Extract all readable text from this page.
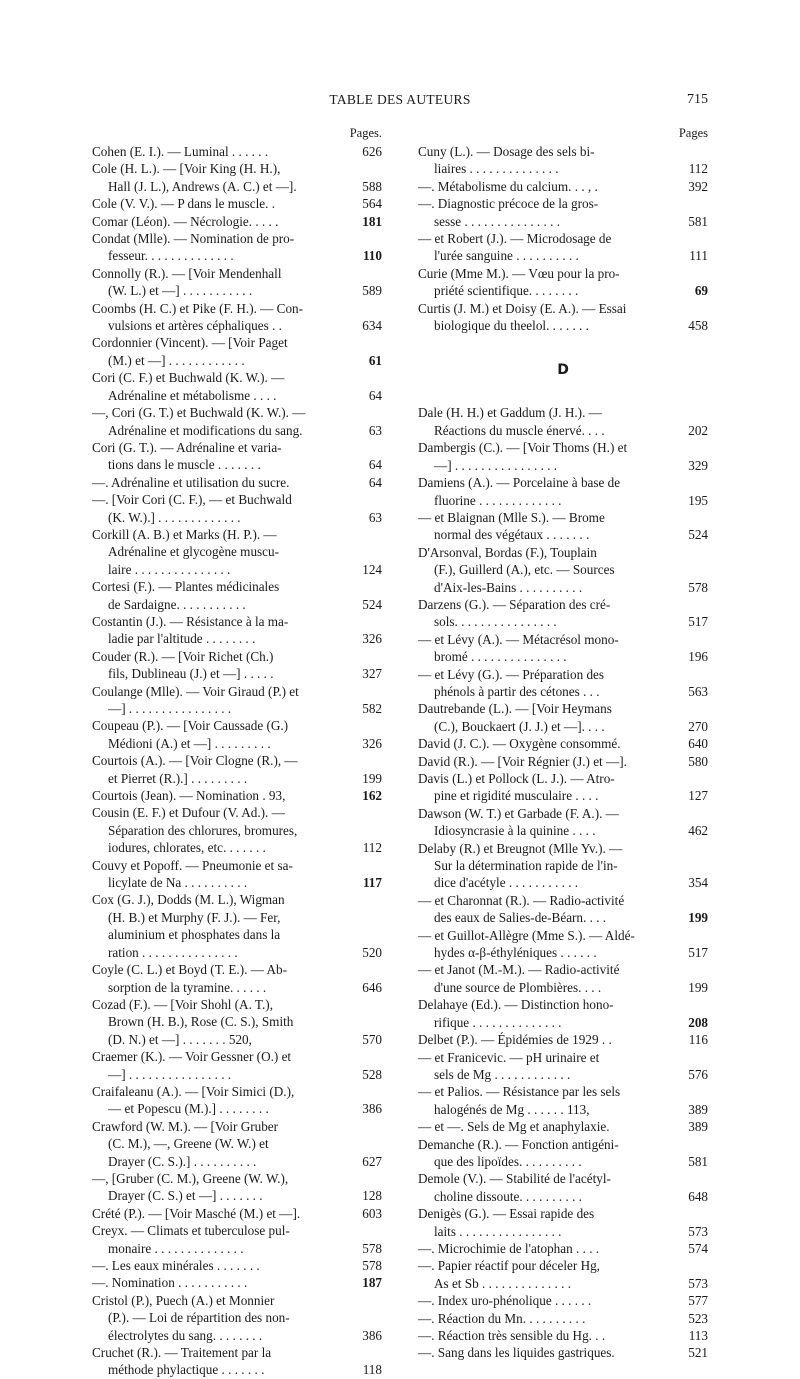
TABLE DES AUTEURS	715
Pages.
Cohen (E. I.). — Luminal . . . . . .	626
Cole (H. L.). — [Voir King (H. H.),
Hall (J. L.), Andrews (A. C.) et —].	588
Cole (V. V.). — P dans le muscle. .	564
Comar (Léon). — Nécrologie. . . . .	181
Condat (Mlle). — Nomination de pro-
fesseur. . . . . . . . . . . . . .	110
Connolly (R.). — [Voir Mendenhall
(W. L.) et —] . . . . . . . . . . .	589
Coombs (H. C.) et Pike (F. H.). — Con-
vulsions et artères céphaliques . .	634
Cordonnier (Vincent). — [Voir Paget
(M.) et —] . . . . . . . . . . . .	61
Cori (C. F.) et Buchwald (K. W.). —
Adrénaline et métabolisme . . . .	64
—, Cori (G. T.) et Buchwald (K. W.). —
Adrénaline et modifications du sang.	63
Cori (G. T.). — Adrénaline et varia-
tions dans le muscle . . . . . . .	64
—. Adrénaline et utilisation du sucre.	64
—. [Voir Cori (C. F.), — et Buchwald
(K. W.).] . . . . . . . . . . . . .	63
Corkill (A. B.) et Marks (H. P.). —
Adrénaline et glycogène muscu-
laire . . . . . . . . . . . . . . .	124
Cortesi (F.). — Plantes médicinales
de Sardaigne. . . . . . . . . . .	524
Costantin (J.). — Résistance à la ma-
ladie par l'altitude . . . . . . . .	326
Couder (R.). — [Voir Richet (Ch.)
fils, Dublineau (J.) et —] . . . . .	327
Coulange (Mlle). — Voir Giraud (P.) et
—] . . . . . . . . . . . . . . . .	582
Coupeau (P.). — [Voir Caussade (G.)
Médioni (A.) et —] . . . . . . . . .	326
Courtois (A.). — [Voir Clogne (R.), —
et Pierret (R.).] . . . . . . . . .	199
Courtois (Jean). — Nomination . 93,	162
Cousin (E. F.) et Dufour (V. Ad.). —
Séparation des chlorures, bromures,
iodures, chlorates, etc. . . . . . .	112
Couvy et Popoff. — Pneumonie et sa-
licylate de Na . . . . . . . . . .	117
Cox (G. J.), Dodds (M. L.), Wigman
(H. B.) et Murphy (F. J.). — Fer,
aluminium et phosphates dans la
ration . . . . . . . . . . . . . . .	520
Coyle (C. L.) et Boyd (T. E.). — Ab-
sorption de la tyramine. . . . . .	646
Cozad (F.). — [Voir Shohl (A. T.),
Brown (H. B.), Rose (C. S.), Smith
(D. N.) et —] . . . . . . . 520,	570
Craemer (K.). — Voir Gessner (O.) et
—] . . . . . . . . . . . . . . . .	528
Craifaleanu (A.). — [Voir Simici (D.),
— et Popescu (M.).] . . . . . . . .	386
Crawford (W. M.). — [Voir Gruber
(C. M.), —, Greene (W. W.) et
Drayer (C. S.).] . . . . . . . . . .	627
—, [Gruber (C. M.), Greene (W. W.),
Drayer (C. S.) et —] . . . . . . .	128
Crété (P.). — [Voir Masché (M.) et —].	603
Creyx. — Climats et tuberculose pul-
monaire . . . . . . . . . . . . . .	578
—. Les eaux minérales . . . . . . .	578
—. Nomination . . . . . . . . . . .	187
Cristol (P.), Puech (A.) et Monnier
(P.). — Loi de répartition des non-
électrolytes du sang. . . . . . . .	386
Cruchet (R.). — Traitement par la
méthode phylactique . . . . . . .	118
Pages
Cuny (L.). — Dosage des sels bi-
liaires . . . . . . . . . . . . . .	112
—. Métabolisme du calcium. . . , .	392
—. Diagnostic précoce de la gros-
sesse . . . . . . . . . . . . . . .	581
— et Robert (J.). — Microdosage de
l'urée sanguine . . . . . . . . . .	111
Curie (Mme M.). — Vœu pour la pro-
priété scientifique. . . . . . . .	69
Curtis (J. M.) et Doisy (E. A.). — Essai
biologique du theelol. . . . . . .	458
D
Dale (H. H.) et Gaddum (J. H.). —
Réactions du muscle énervé. . . .	202
Dambergis (C.). — [Voir Thoms (H.) et
—] . . . . . . . . . . . . . . . .	329
Damiens (A.). — Porcelaine à base de
fluorine . . . . . . . . . . . . .	195
— et Blaignan (Mlle S.). — Brome
normal des végétaux . . . . . . .	524
D'Arsonval, Bordas (F.), Touplain
(F.), Guillerd (A.), etc. — Sources
d'Aix-les-Bains . . . . . . . . . .	578
Darzens (G.). — Séparation des cré-
sols. . . . . . . . . . . . . . . .	517
— et Lévy (A.). — Métacrésol mono-
bromé . . . . . . . . . . . . . . .	196
— et Lévy (G.). — Préparation des
phénols à partir des cétones . . .	563
Dautrebande (L.). — [Voir Heymans
(C.), Bouckaert (J. J.) et —]. . . .	270
David (J. C.). — Oxygène consommé.	640
David (R.). — [Voir Régnier (J.) et —].	580
Davis (L.) et Pollock (L. J.). — Atro-
pine et rigidité musculaire . . . .	127
Dawson (W. T.) et Garbade (F. A.). —
Idiosyncrasie à la quinine . . . .	462
Delaby (R.) et Breugnot (Mlle Yv.). —
Sur la détermination rapide de l'in-
dice d'acétyle . . . . . . . . . . .	354
— et Charonnat (R.). — Radio-activité
des eaux de Salies-de-Béarn. . . .	199
— et Guillot-Allègre (Mme S.). — Aldé-
hydes α-β-éthyléniques . . . . . .	517
— et Janot (M.-M.). — Radio-activité
d'une source de Plombières. . . .	199
Delahaye (Ed.). — Distinction hono-
rifique . . . . . . . . . . . . . .	208
Delbet (P.). — Épidémies de 1929 . .	116
— et Franicevic. — pH urinaire et
sels de Mg . . . . . . . . . . . .	576
— et Palios. — Résistance par les sels
halogénés de Mg . . . . . . 113,	389
— et —. Sels de Mg et anaphylaxie.	389
Demanche (R.). — Fonction antigéni-
que des lipoïdes. . . . . . . . . .	581
Demole (V.). — Stabilité de l'acétyl-
choline dissoute. . . . . . . . . .	648
Denigès (G.). — Essai rapide des
laits . . . . . . . . . . . . . . . .	573
—. Microchimie de l'atophan . . . .	574
—. Papier réactif pour déceler Hg,
As et Sb . . . . . . . . . . . . . .	573
—. Index uro-phénolique . . . . . .	577
—. Réaction du Mn. . . . . . . . . .	523
—. Réaction très sensible du Hg. . .	113
—. Sang dans les liquides gastriques.	521
